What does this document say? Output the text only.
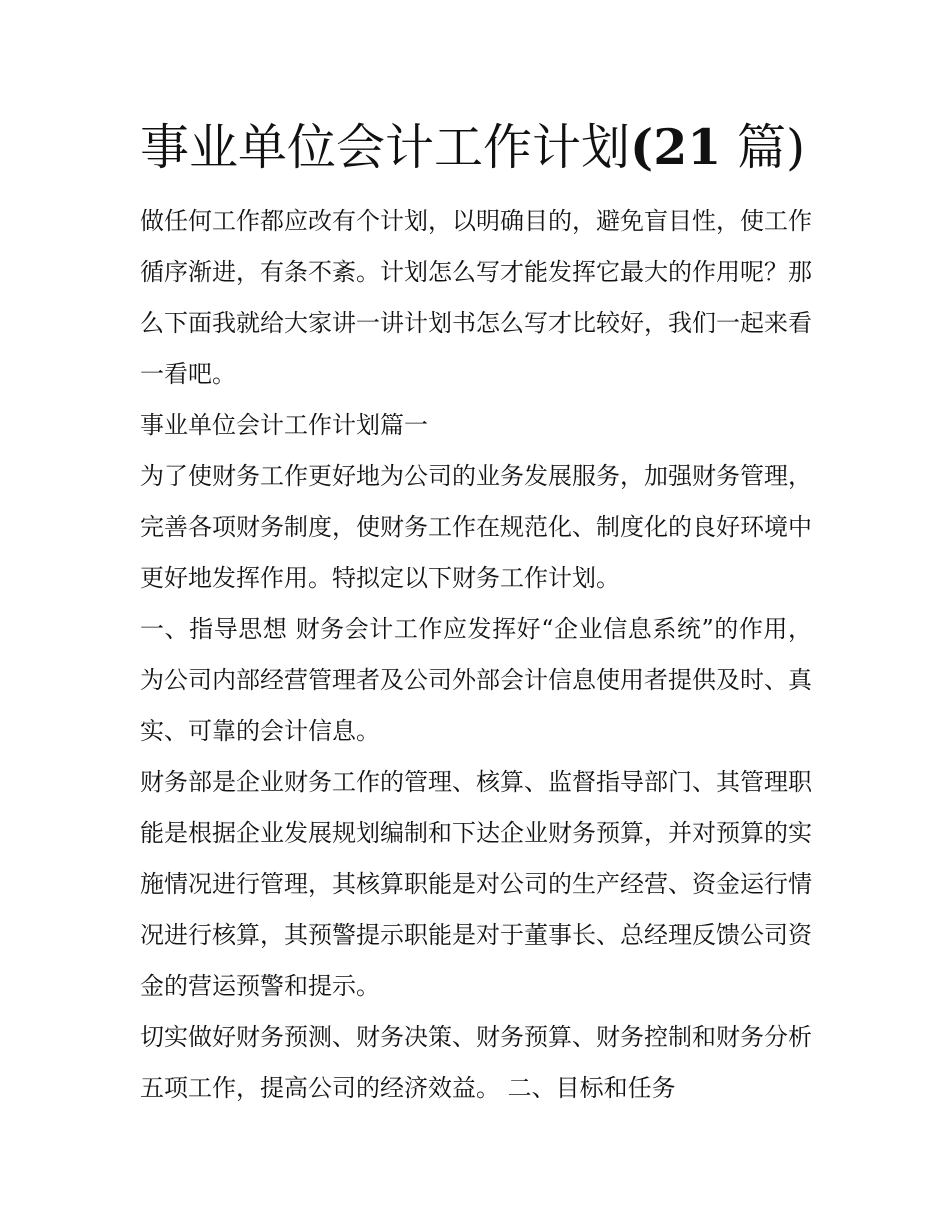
事业单位会计工作计划(21 篇)

做任何工作都应改有个计划，以明确目的，避免盲目性，使工作循序渐进，有条不紊。计划怎么写才能发挥它最大的作用呢？那么下面我就给大家讲一讲计划书怎么写才比较好，我们一起来看一看吧。

事业单位会计工作计划篇一

为了使财务工作更好地为公司的业务发展服务，加强财务管理，完善各项财务制度，使财务工作在规范化、制度化的良好环境中更好地发挥作用。特拟定以下财务工作计划。

一、指导思想 财务会计工作应发挥好“企业信息系统”的作用，为公司内部经营管理者及公司外部会计信息使用者提供及时、真实、可靠的会计信息。

财务部是企业财务工作的管理、核算、监督指导部门、其管理职能是根据企业发展规划编制和下达企业财务预算，并对预算的实施情况进行管理，其核算职能是对公司的生产经营、资金运行情况进行核算，其预警提示职能是对于董事长、总经理反馈公司资金的营运预警和提示。

切实做好财务预测、财务决策、财务预算、财务控制和财务分析五项工作，提高公司的经济效益。 二、目标和任务
